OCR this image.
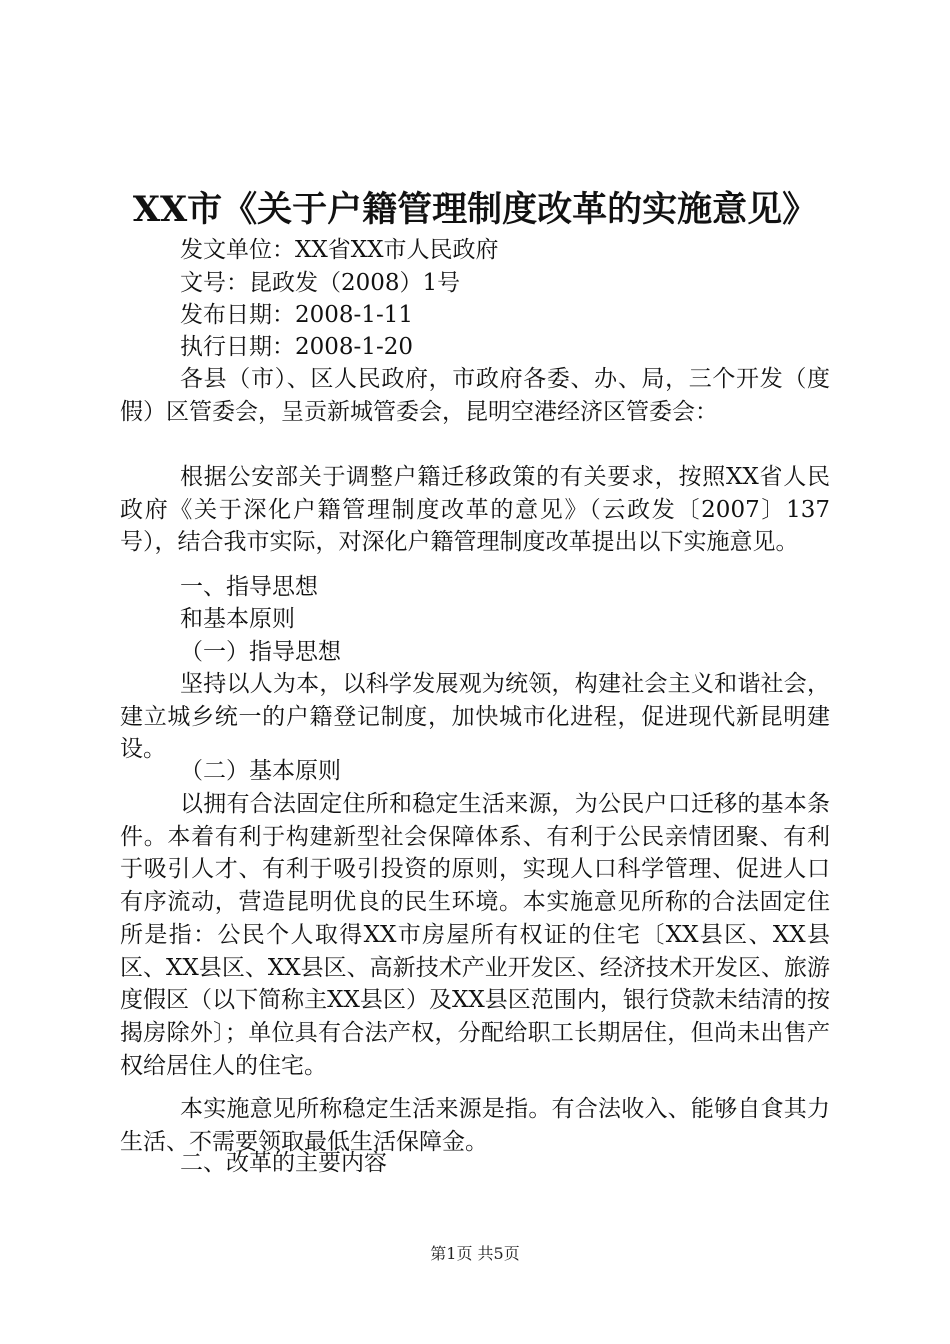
XX市《关于户籍管理制度改革的实施意见》

发文单位：XX省XX市人民政府

文号：昆政发（2008）1号

发布日期：2008-1-11

执行日期：2008-1-20

各县（市）、区人民政府，市政府各委、办、局，三个开发（度假）区管委会，呈贡新城管委会，昆明空港经济区管委会：

根据公安部关于调整户籍迁移政策的有关要求，按照XX省人民政府《关于深化户籍管理制度改革的意见》（云政发〔2007〕137号），结合我市实际，对深化户籍管理制度改革提出以下实施意见。

一、指导思想

和基本原则

（一）指导思想

坚持以人为本，以科学发展观为统领，构建社会主义和谐社会，建立城乡统一的户籍登记制度，加快城市化进程，促进现代新昆明建设。

（二）基本原则

以拥有合法固定住所和稳定生活来源，为公民户口迁移的基本条件。本着有利于构建新型社会保障体系、有利于公民亲情团聚、有利于吸引人才、有利于吸引投资的原则，实现人口科学管理、促进人口有序流动，营造昆明优良的民生环境。本实施意见所称的合法固定住所是指：公民个人取得XX市房屋所有权证的住宅〔XX县区、XX县区、XX县区、XX县区、高新技术产业开发区、经济技术开发区、旅游度假区（以下简称主XX县区）及XX县区范围内，银行贷款未结清的按揭房除外〕；单位具有合法产权，分配给职工长期居住，但尚未出售产权给居住人的住宅。

本实施意见所称稳定生活来源是指。有合法收入、能够自食其力生活、不需要领取最低生活保障金。

二、改革的主要内容

第1页 共5页
